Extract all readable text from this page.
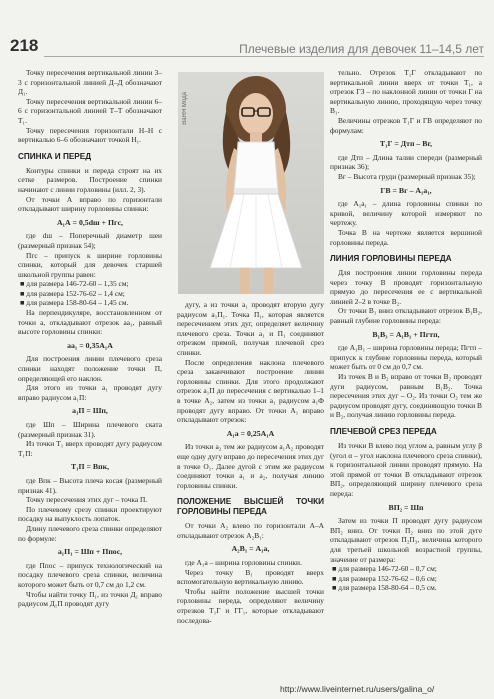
218	Плечевые изделия для девочек 11–14,5 лет

Точку пересечения вертикальной линии 3–3 с горизонтальной линией Д–Д обозначают Д₁.

Точку пересечения вертикальной линии 6–6 с горизонтальной линией Т–Т обозначают Т₁.

Точку пересечения горизонтали Н–Н с вертикалью 6–6 обозначают точкой Н₁.

СПИНКА И ПЕРЕД

Контуры спинки и переда строят на их сетке размеров. Построение спинки начинают с линии горловины (илл. 2, 3).

От точки А вправо по горизонтали откладывают ширину горловины спинки:

А₁А = 0,5dш + Пгс,

где dш – Поперечный диаметр шеи (размерный признак 54);

Пгс – припуск к ширине горловины спинки, который для девочек старшей школьной группы равен:

■ для размера 146-72-60 – 1,35 см;

■ для размера 152-76-62 – 1,4 см;

■ для размера 158-80-64 – 1,45 см.

На перпендикуляре, восстановленном от точки а, откладывают отрезок аа₁, равный высоте горловины спинки:

аа₁ = 0,35А₁А

Для построения линии плечевого среза спинки находят положение точки П, определяющей его наклон.

Для этого из точки а₁ проводят дугу вправо радиусом а₁П:

а₁П = Шп,

где Шп – Ширина плечевого ската (размерный признак 31).

Из точки Т₁ вверх проводят дугу радиусом Т₁П:

Т₁П = Впк,

где Впк – Высота плеча косая (размерный признак 41).

Точку пересечения этих дуг – точка П.

По плечевому срезу спинки проектируют посадку на выпуклость лопаток.

Длину плечевого среза спинки определяют по формуле:

а₁П₁ = Шп + Ппос,

где Ппос – припуск технологический на посадку плечевого среза спинки, величина которого может быть от 0,7 см до 1,2 см.

Чтобы найти точку П₁, из точки Д₁ вправо радиусом Д₁П проводят дугу

ВаЯЯ Мода

дугу, а из точки а₁ проводят вторую дугу радиусом а₁П₁. Точка П₁, которая является пересечением этих дуг, определяет величину плечевого среза. Точки а₁ и П₁ соединяют отрезком прямой, получая плечевой срез спинки.

После определения наклона плечевого среза заканчивают построение линии горловины спинки. Для этого продолжают отрезок а₁П до пересечения с вертикалью 1–1 в точке А₂, затем из точки а₁ радиусом а₁Ф проводят дугу вправо. От точки А₁ вправо откладывают отрезок:

А₁а = 0,25А₁А

Из точки а₂ тем же радиусом а₁А₂ проводят еще одну дугу вправо до пересечения этих дуг в точке О₁. Далее дугой с этим же радиусом соединяют точки а₁ и а₂, получая линию горловины спинки.

ПОЛОЖЕНИЕ ВЫСШЕЙ ТОЧКИ ГОРЛОВИНЫ ПЕРЕДА

От точки А₂ влево по горизонтали А–А откладывают отрезок А₂В₁:

А₂В₁ = А₁а,

где А₁а – ширина горловины спинки.

Через точку В₁ проводят вверх вспомогательную вертикальную линию.

Чтобы найти положение высшей точки горловины переда, определяют величину отрезков Т₁Г и ГГ₁, которые откладывают последова-

тельно. Отрезок Т₁Г откладывают по вертикальной линии вверх от точки Т₁, а отрезок ГЗ – по наклонной линии от точки Г на вертикальную линию, проходящую через точку В₁.

Величины отрезков Т₁Г и ГВ определяют по формулам:

Т₁Г = Дтп – Вг,

где Дтп – Длина талии спереди (размерный признак 36);

Вг – Высота груди (размерный признак 35);

ГВ = Вг – А₁а₁,

где А₁а₁ – длина горловины спинки по кривой, величину которой измеряют по чертежу.

Точка В на чертеже является вершиной горловины переда.

ЛИНИЯ ГОРЛОВИНЫ ПЕРЕДА

Для построения линии горловины переда через точку В проводят горизонтальную прямую до пересечения ее с вертикальной линией 2–2 в точке В₂.

От точки В₁ вниз откладывают отрезок В₁В₂, равный глубине горловины переда:

В₁В₃ = А₁В₁ + Пгтп,

где А₁В₁ – ширина горловины переда; Пгтп – припуск к глубине горловины переда, который может быть от 0 см до 0,7 см.

Из точек В и В₂ вправо от точки В₂ проводят дуги радиусом, равным В₁В₂. Точка пересечения этих дуг – О₂. Из точки О₂ тем же радиусом проводят дугу, соединяющую точки В и В₂, получая линию горловины переда.

ПЛЕЧЕВОЙ СРЕЗ ПЕРЕДА

Из точки В влево под углом а, равным углу β (угол α – угол наклона плечевого среза спинки), к горизонтальной линии проводят прямую. На этой прямой от точки В откладывают отрезок ВП₂, определяющий ширину плечевого среза переда:

ВП₂ = Шп

Затем из точки П проводят дугу радиусом ВП₂ вниз. От точки П₂ вниз по этой дуге откладывают отрезок П₂П₃, величина которого для третьей школьной возрастной группы, значение от размера:

■ для размера 146-72-60 – 0,7 см;

■ для размера 152-76-62 – 0,6 см;

■ для размера 158-80-64 – 0,5 см.

http://www.liveinternet.ru/users/galina_o/
